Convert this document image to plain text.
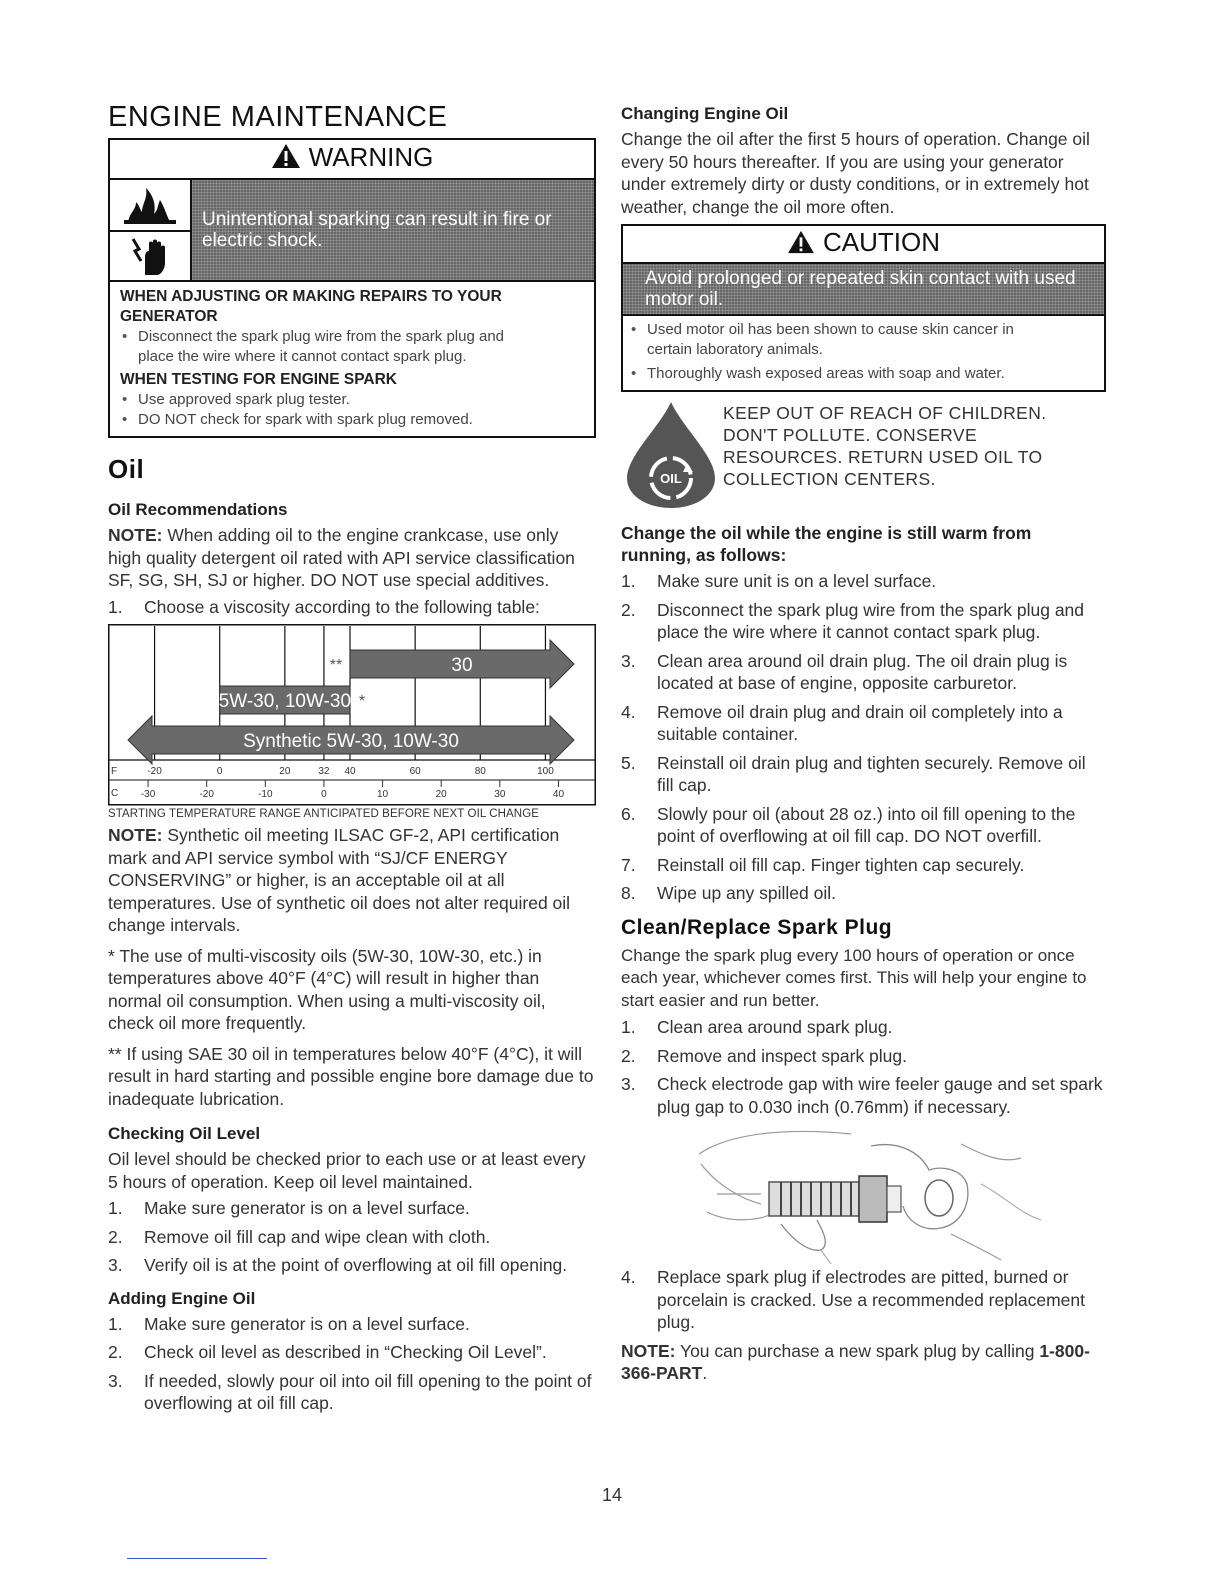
ENGINE MAINTENANCE
WARNING
Unintentional sparking can result in fire or
electric shock.
WHEN ADJUSTING OR MAKING REPAIRS TO YOUR
GENERATOR
• Disconnect the spark plug wire from the spark plug and
place the wire where it cannot contact spark plug.
WHEN TESTING FOR ENGINE SPARK
• Use approved spark plug tester.
• DO NOT check for spark with spark plug removed.
Oil
Oil Recommendations

NOTE: When adding oil to the engine crankcase, use only high quality detergent oil rated with API service classification SF, SG, SH, SJ or higher. DO NOT use special additives.

1. Choose a viscosity according to the following table:
30
**
5W-30, 10W-30 *
Synthetic 5W-30, 10W-30
F	-20	0	20	32 40	60	80	100
C -30	-20	-10	0	10	20	30	40
STARTING TEMPERATURE RANGE ANTICIPATED BEFORE NEXT OIL CHANGE

NOTE: Synthetic oil meeting ILSAC GF-2, API certification mark and API service symbol with “SJ/CF ENERGY CONSERVING” or higher, is an acceptable oil at all temperatures. Use of synthetic oil does not alter required oil change intervals.

* The use of multi-viscosity oils (5W-30, 10W-30, etc.) in temperatures above 40°F (4°C) will result in higher than normal oil consumption. When using a multi-viscosity oil, check oil more frequently.

** If using SAE 30 oil in temperatures below 40°F (4°C), it will result in hard starting and possible engine bore damage due to inadequate lubrication.

Checking Oil Level

Oil level should be checked prior to each use or at least every 5 hours of operation. Keep oil level maintained.

1. Make sure generator is on a level surface.
2. Remove oil fill cap and wipe clean with cloth.
3. Verify oil is at the point of overflowing at oil fill opening.
Adding Engine Oil
1. Make sure generator is on a level surface.
2. Check oil level as described in “Checking Oil Level”.
3. If needed, slowly pour oil into oil fill opening to the point of overflowing at oil fill cap.
Changing Engine Oil

Change the oil after the first 5 hours of operation. Change oil every 50 hours thereafter. If you are using your generator under extremely dirty or dusty conditions, or in extremely hot weather, change the oil more often.

CAUTION
Avoid prolonged or repeated skin contact with used
motor oil.
• Used motor oil has been shown to cause skin cancer in
certain laboratory animals.
• Thoroughly wash exposed areas with soap and water.
OIL
KEEP OUT OF REACH OF CHILDREN.
DON'T POLLUTE. CONSERVE
RESOURCES. RETURN USED OIL TO
COLLECTION CENTERS.
Change the oil while the engine is still warm from running, as follows:
1. Make sure unit is on a level surface.
2. Disconnect the spark plug wire from the spark plug and place the wire where it cannot contact spark plug.
3. Clean area around oil drain plug. The oil drain plug is located at base of engine, opposite carburetor.
4. Remove oil drain plug and drain oil completely into a suitable container.
5. Reinstall oil drain plug and tighten securely. Remove oil fill cap.
6. Slowly pour oil (about 28 oz.) into oil fill opening to the point of overflowing at oil fill cap. DO NOT overfill.
7. Reinstall oil fill cap. Finger tighten cap securely.
8. Wipe up any spilled oil.
Clean/Replace Spark Plug

Change the spark plug every 100 hours of operation or once each year, whichever comes first. This will help your engine to start easier and run better.

1. Clean area around spark plug.
2. Remove and inspect spark plug.
3. Check electrode gap with wire feeler gauge and set spark plug gap to 0.030 inch (0.76mm) if necessary.
4. Replace spark plug if electrodes are pitted, burned or porcelain is cracked. Use a recommended replacement plug.

NOTE: You can purchase a new spark plug by calling 1-800-366-PART.

14
